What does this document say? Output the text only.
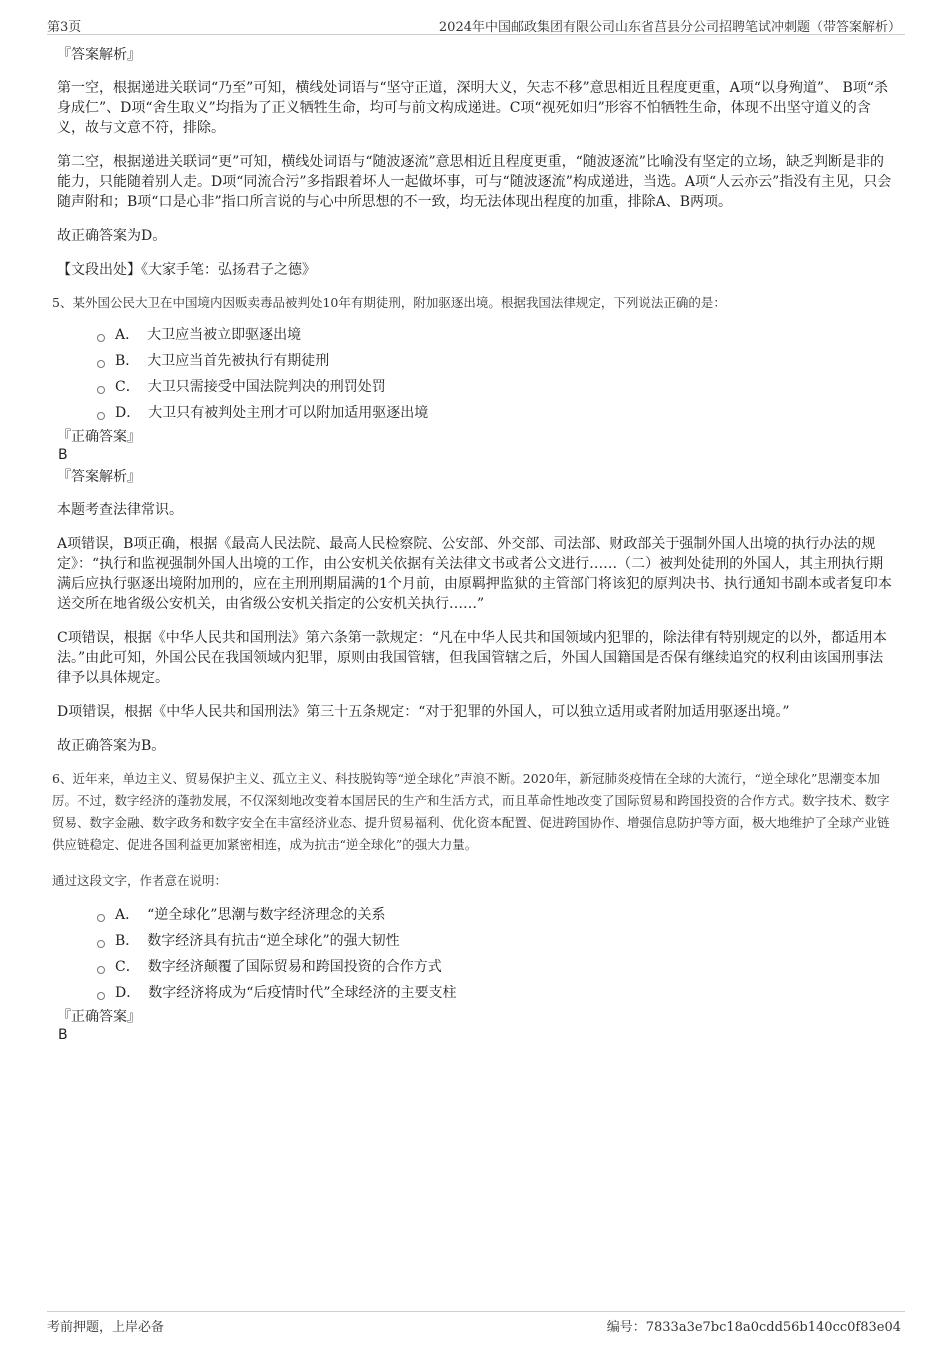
第3页	2024年中国邮政集团有限公司山东省莒县分公司招聘笔试冲刺题（带答案解析）

『答案解析』

第一空，根据递进关联词“乃至”可知，横线处词语与“坚守正道，深明大义，矢志不移”意思相近且程度更重，A项“以身殉道”、 B项“杀身成仁”、D项“舍生取义”均指为了正义牺牲生命，均可与前文构成递进。C项“视死如归”形容不怕牺牲生命，体现不出坚守道义的含义，故与文意不符，排除。

第二空，根据递进关联词“更”可知，横线处词语与“随波逐流”意思相近且程度更重，“随波逐流”比喻没有坚定的立场，缺乏判断是非的能力，只能随着别人走。D项“同流合污”多指跟着坏人一起做坏事，可与“随波逐流”构成递进，当选。A项“人云亦云”指没有主见，只会随声附和；B项“口是心非”指口所言说的与心中所思想的不一致，均无法体现出程度的加重，排除A、B两项。

故正确答案为D。

【文段出处】《大家手笔：弘扬君子之德》

5、某外国公民大卫在中国境内因贩卖毒品被判处10年有期徒刑，附加驱逐出境。根据我国法律规定，下列说法正确的是：

A． 大卫应当被立即驱逐出境
B． 大卫应当首先被执行有期徒刑
C． 大卫只需接受中国法院判决的刑罚处罚
D． 大卫只有被判处主刑才可以附加适用驱逐出境

『正确答案』

B

『答案解析』

本题考查法律常识。

A项错误，B项正确，根据《最高人民法院、最高人民检察院、公安部、外交部、司法部、财政部关于强制外国人出境的执行办法的规定》：“执行和监视强制外国人出境的工作，由公安机关依据有关法律文书或者公文进行……（二）被判处徒刑的外国人，其主刑执行期满后应执行驱逐出境附加刑的，应在主刑刑期届满的1个月前，由原羁押监狱的主管部门将该犯的原判决书、执行通知书副本或者复印本送交所在地省级公安机关，由省级公安机关指定的公安机关执行……”

C项错误，根据《中华人民共和国刑法》第六条第一款规定：“凡在中华人民共和国领域内犯罪的，除法律有特别规定的以外，都适用本法。”由此可知，外国公民在我国领域内犯罪，原则由我国管辖，但我国管辖之后，外国人国籍国是否保有继续追究的权利由该国刑事法律予以具体规定。

D项错误，根据《中华人民共和国刑法》第三十五条规定：“对于犯罪的外国人，可以独立适用或者附加适用驱逐出境。”

故正确答案为B。

6、近年来，单边主义、贸易保护主义、孤立主义、科技脱钩等“逆全球化”声浪不断。2020年，新冠肺炎疫情在全球的大流行，“逆全球化”思潮变本加厉。不过，数字经济的蓬勃发展，不仅深刻地改变着本国居民的生产和生活方式，而且革命性地改变了国际贸易和跨国投资的合作方式。数字技术、数字贸易、数字金融、数字政务和数字安全在丰富经济业态、提升贸易福利、优化资本配置、促进跨国协作、增强信息防护等方面，极大地维护了全球产业链供应链稳定、促进各国利益更加紧密相连，成为抗击“逆全球化”的强大力量。

通过这段文字，作者意在说明：

A． “逆全球化”思潮与数字经济理念的关系
B． 数字经济具有抗击“逆全球化”的强大韧性
C． 数字经济颠覆了国际贸易和跨国投资的合作方式
D． 数字经济将成为“后疫情时代”全球经济的主要支柱

『正确答案』

B

考前押题，上岸必备	编号：7833a3e7bc18a0cdd56b140cc0f83e04
